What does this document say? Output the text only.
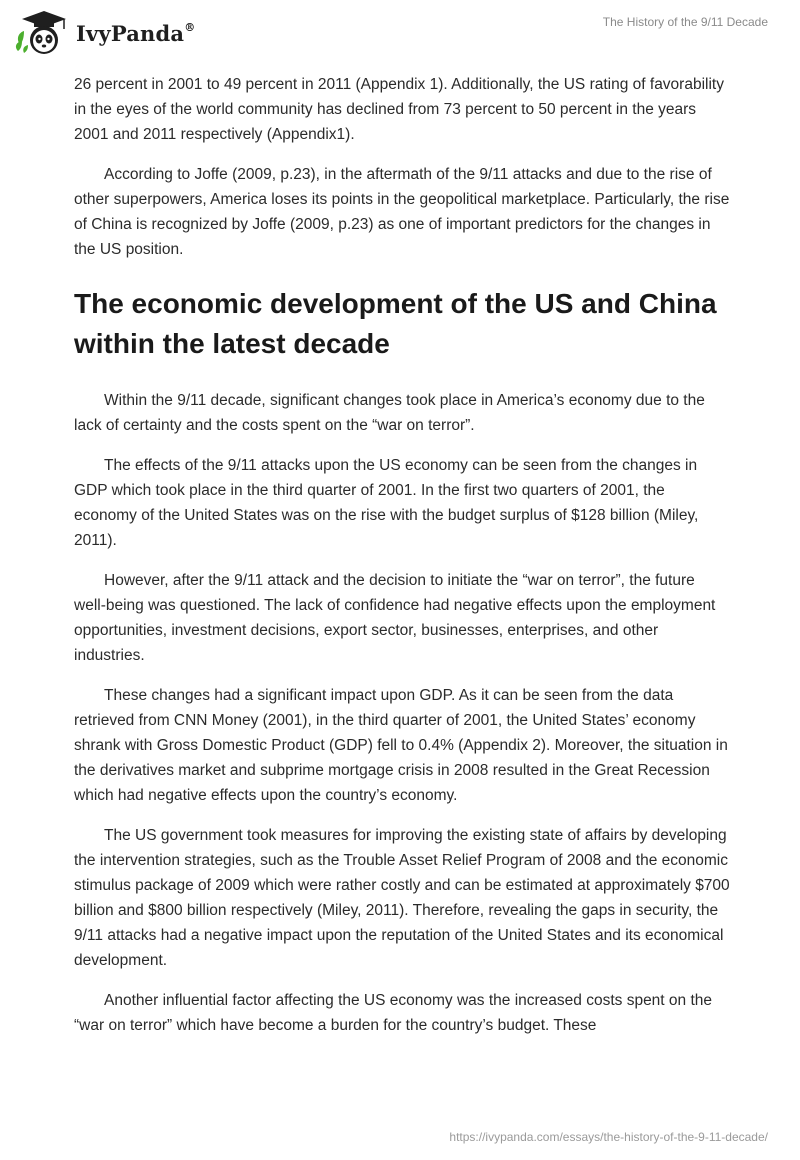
IvyPanda®	The History of the 9/11 Decade

26 percent in 2001 to 49 percent in 2011 (Appendix 1). Additionally, the US rating of favorability in the eyes of the world community has declined from 73 percent to 50 percent in the years 2001 and 2011 respectively (Appendix1).

According to Joffe (2009, p.23), in the aftermath of the 9/11 attacks and due to the rise of other superpowers, America loses its points in the geopolitical marketplace. Particularly, the rise of China is recognized by Joffe (2009, p.23) as one of important predictors for the changes in the US position.

The economic development of the US and China within the latest decade

Within the 9/11 decade, significant changes took place in America’s economy due to the lack of certainty and the costs spent on the “war on terror”.

The effects of the 9/11 attacks upon the US economy can be seen from the changes in GDP which took place in the third quarter of 2001. In the first two quarters of 2001, the economy of the United States was on the rise with the budget surplus of $128 billion (Miley, 2011).

However, after the 9/11 attack and the decision to initiate the “war on terror”, the future well-being was questioned. The lack of confidence had negative effects upon the employment opportunities, investment decisions, export sector, businesses, enterprises, and other industries.

These changes had a significant impact upon GDP. As it can be seen from the data retrieved from CNN Money (2001), in the third quarter of 2001, the United States’ economy shrank with Gross Domestic Product (GDP) fell to 0.4% (Appendix 2). Moreover, the situation in the derivatives market and subprime mortgage crisis in 2008 resulted in the Great Recession which had negative effects upon the country’s economy.

The US government took measures for improving the existing state of affairs by developing the intervention strategies, such as the Trouble Asset Relief Program of 2008 and the economic stimulus package of 2009 which were rather costly and can be estimated at approximately $700 billion and $800 billion respectively (Miley, 2011). Therefore, revealing the gaps in security, the 9/11 attacks had a negative impact upon the reputation of the United States and its economical development.

Another influential factor affecting the US economy was the increased costs spent on the “war on terror” which have become a burden for the country’s budget. These

https://ivypanda.com/essays/the-history-of-the-9-11-decade/
